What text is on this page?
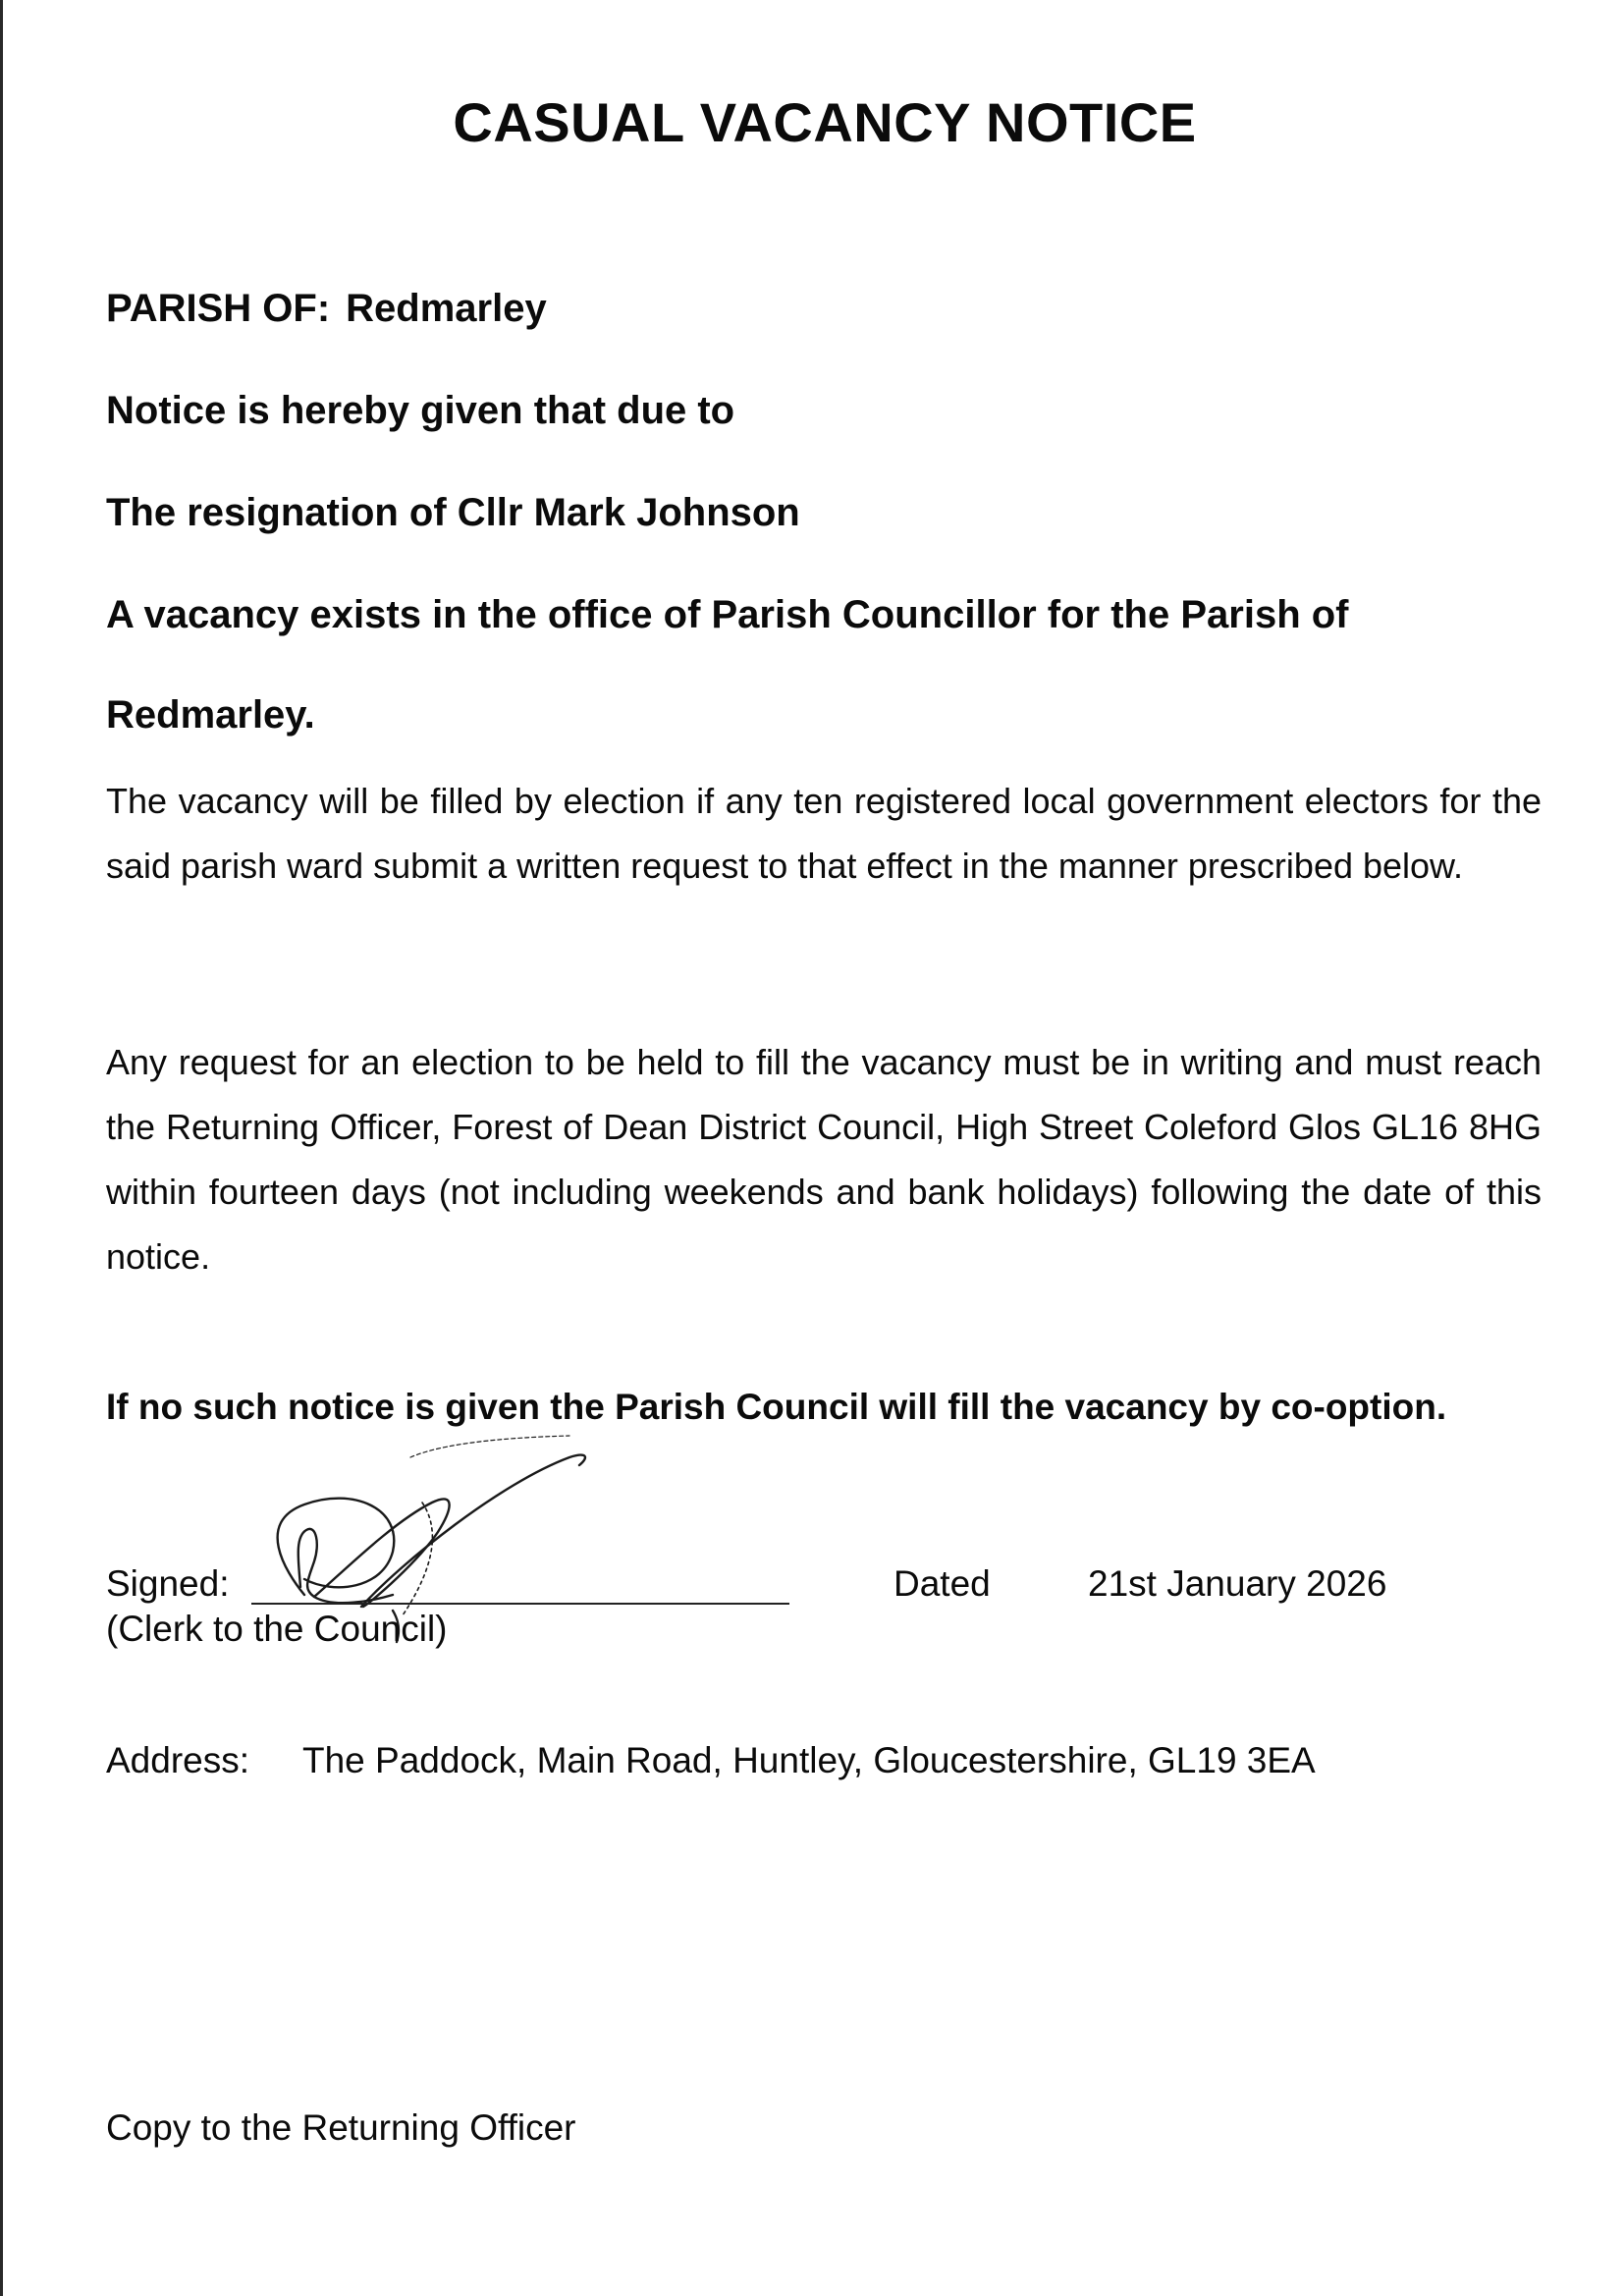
CASUAL VACANCY NOTICE
PARISH OF: Redmarley
Notice is hereby given that due to
The resignation of Cllr Mark Johnson
A vacancy exists in the office of Parish Councillor for the Parish of
Redmarley.
The vacancy will be filled by election if any ten registered local government electors for the said parish ward submit a written request to that effect in the manner prescribed below.
Any request for an election to be held to fill the vacancy must be in writing and must reach the Returning Officer, Forest of Dean District Council, High Street Coleford Glos GL16 8HG within fourteen days (not including weekends and bank holidays) following the date of this notice.
If no such notice is given the Parish Council will fill the vacancy by co-option.
Signed:
(Clerk to the Council)
Dated	21st January 2026
Address: The Paddock, Main Road, Huntley, Gloucestershire, GL19 3EA
Copy to the Returning Officer
